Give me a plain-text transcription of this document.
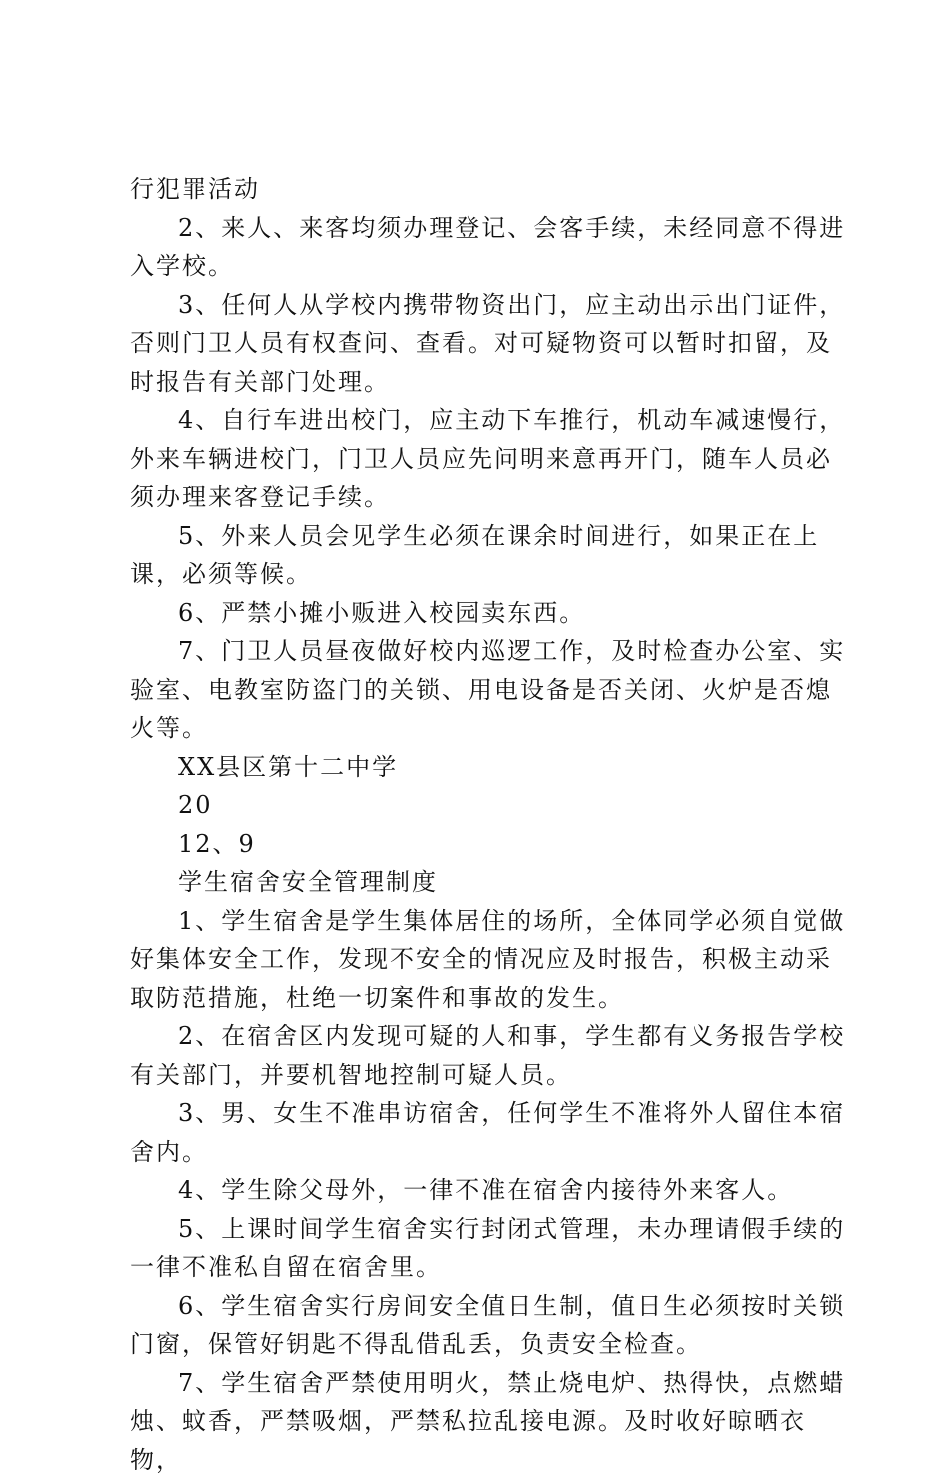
行犯罪活动

2、来人、来客均须办理登记、会客手续，未经同意不得进入学校。

3、任何人从学校内携带物资出门，应主动出示出门证件，否则门卫人员有权查问、查看。对可疑物资可以暂时扣留，及时报告有关部门处理。

4、自行车进出校门，应主动下车推行，机动车减速慢行，外来车辆进校门，门卫人员应先问明来意再开门，随车人员必须办理来客登记手续。

5、外来人员会见学生必须在课余时间进行，如果正在上课，必须等候。

6、严禁小摊小贩进入校园卖东西。

7、门卫人员昼夜做好校内巡逻工作，及时检查办公室、实验室、电教室防盗门的关锁、用电设备是否关闭、火炉是否熄火等。

XX县区第十二中学

20

12、9

学生宿舍安全管理制度

1、学生宿舍是学生集体居住的场所，全体同学必须自觉做好集体安全工作，发现不安全的情况应及时报告，积极主动采取防范措施，杜绝一切案件和事故的发生。

2、在宿舍区内发现可疑的人和事，学生都有义务报告学校有关部门，并要机智地控制可疑人员。

3、男、女生不准串访宿舍，任何学生不准将外人留住本宿舍内。

4、学生除父母外，一律不准在宿舍内接待外来客人。

5、上课时间学生宿舍实行封闭式管理，未办理请假手续的一律不准私自留在宿舍里。

6、学生宿舍实行房间安全值日生制，值日生必须按时关锁门窗，保管好钥匙不得乱借乱丢，负责安全检查。

7、学生宿舍严禁使用明火，禁止烧电炉、热得快，点燃蜡烛、蚊香，严禁吸烟，严禁私拉乱接电源。及时收好晾晒衣物，
